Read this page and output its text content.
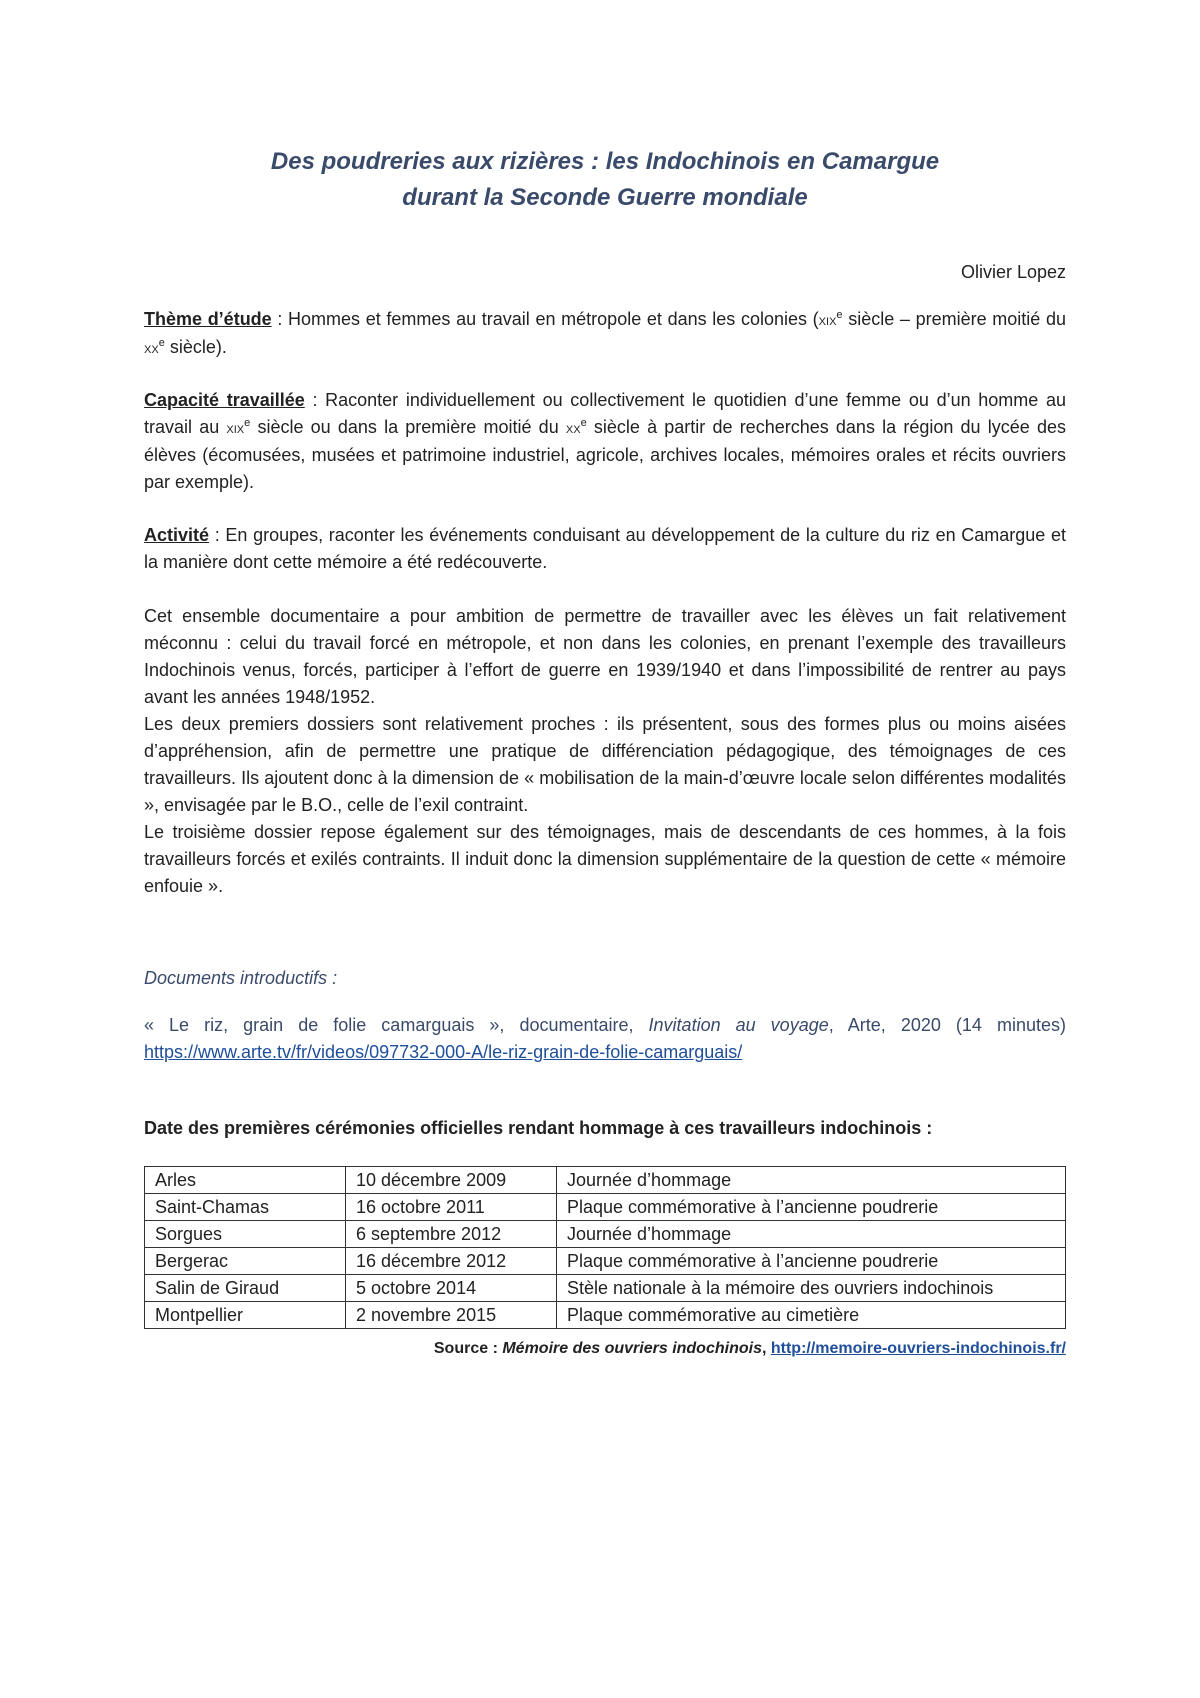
Des poudreries aux rizières : les Indochinois en Camargue
durant la Seconde Guerre mondiale
Olivier Lopez
Thème d’étude : Hommes et femmes au travail en métropole et dans les colonies (xix$^e$ siècle – première moitié du $xx^e$ siècle).
Capacité travaillée : Raconter individuellement ou collectivement le quotidien d’une femme ou d’un homme au travail au xix$^e$ siècle ou dans la première moitié du $xx^e$ siècle à partir de recherches dans la région du lycée des élèves (écomusées, musées et patrimoine industriel, agricole, archives locales, mémoires orales et récits ouvriers par exemple).
Activité : En groupes, raconter les événements conduisant au développement de la culture du riz en Camargue et la manière dont cette mémoire a été redécouverte.
Cet ensemble documentaire a pour ambition de permettre de travailler avec les élèves un fait relativement méconnu : celui du travail forcé en métropole, et non dans les colonies, en prenant l’exemple des travailleurs Indochinois venus, forcés, participer à l’effort de guerre en 1939/1940 et dans l’impossibilité de rentrer au pays avant les années 1948/1952.
Les deux premiers dossiers sont relativement proches : ils présentent, sous des formes plus ou moins aisées d’appréhension, afin de permettre une pratique de différenciation pédagogique, des témoignages de ces travailleurs. Ils ajoutent donc à la dimension de « mobilisation de la main-d’œuvre locale selon différentes modalités », envisagée par le B.O., celle de l’exil contraint.
Le troisième dossier repose également sur des témoignages, mais de descendants de ces hommes, à la fois travailleurs forcés et exilés contraints. Il induit donc la dimension supplémentaire de la question de cette « mémoire enfouie ».
Documents introductifs :
« Le riz, grain de folie camarguais », documentaire, Invitation au voyage, Arte, 2020 (14 minutes) https://www.arte.tv/fr/videos/097732-000-A/le-riz-grain-de-folie-camarguais/
Date des premières cérémonies officielles rendant hommage à ces travailleurs indochinois :
Arles	10 décembre 2009	Journée d’hommage
Saint-Chamas	16 octobre 2011	Plaque commémorative à l’ancienne poudrerie
Sorgues	6 septembre 2012	Journée d’hommage
Bergerac	16 décembre 2012	Plaque commémorative à l’ancienne poudrerie
Salin de Giraud	5 octobre 2014	Stèle nationale à la mémoire des ouvriers indochinois
Montpellier	2 novembre 2015	Plaque commémorative au cimetière
Source : Mémoire des ouvriers indochinois, http://memoire-ouvriers-indochinois.fr/
